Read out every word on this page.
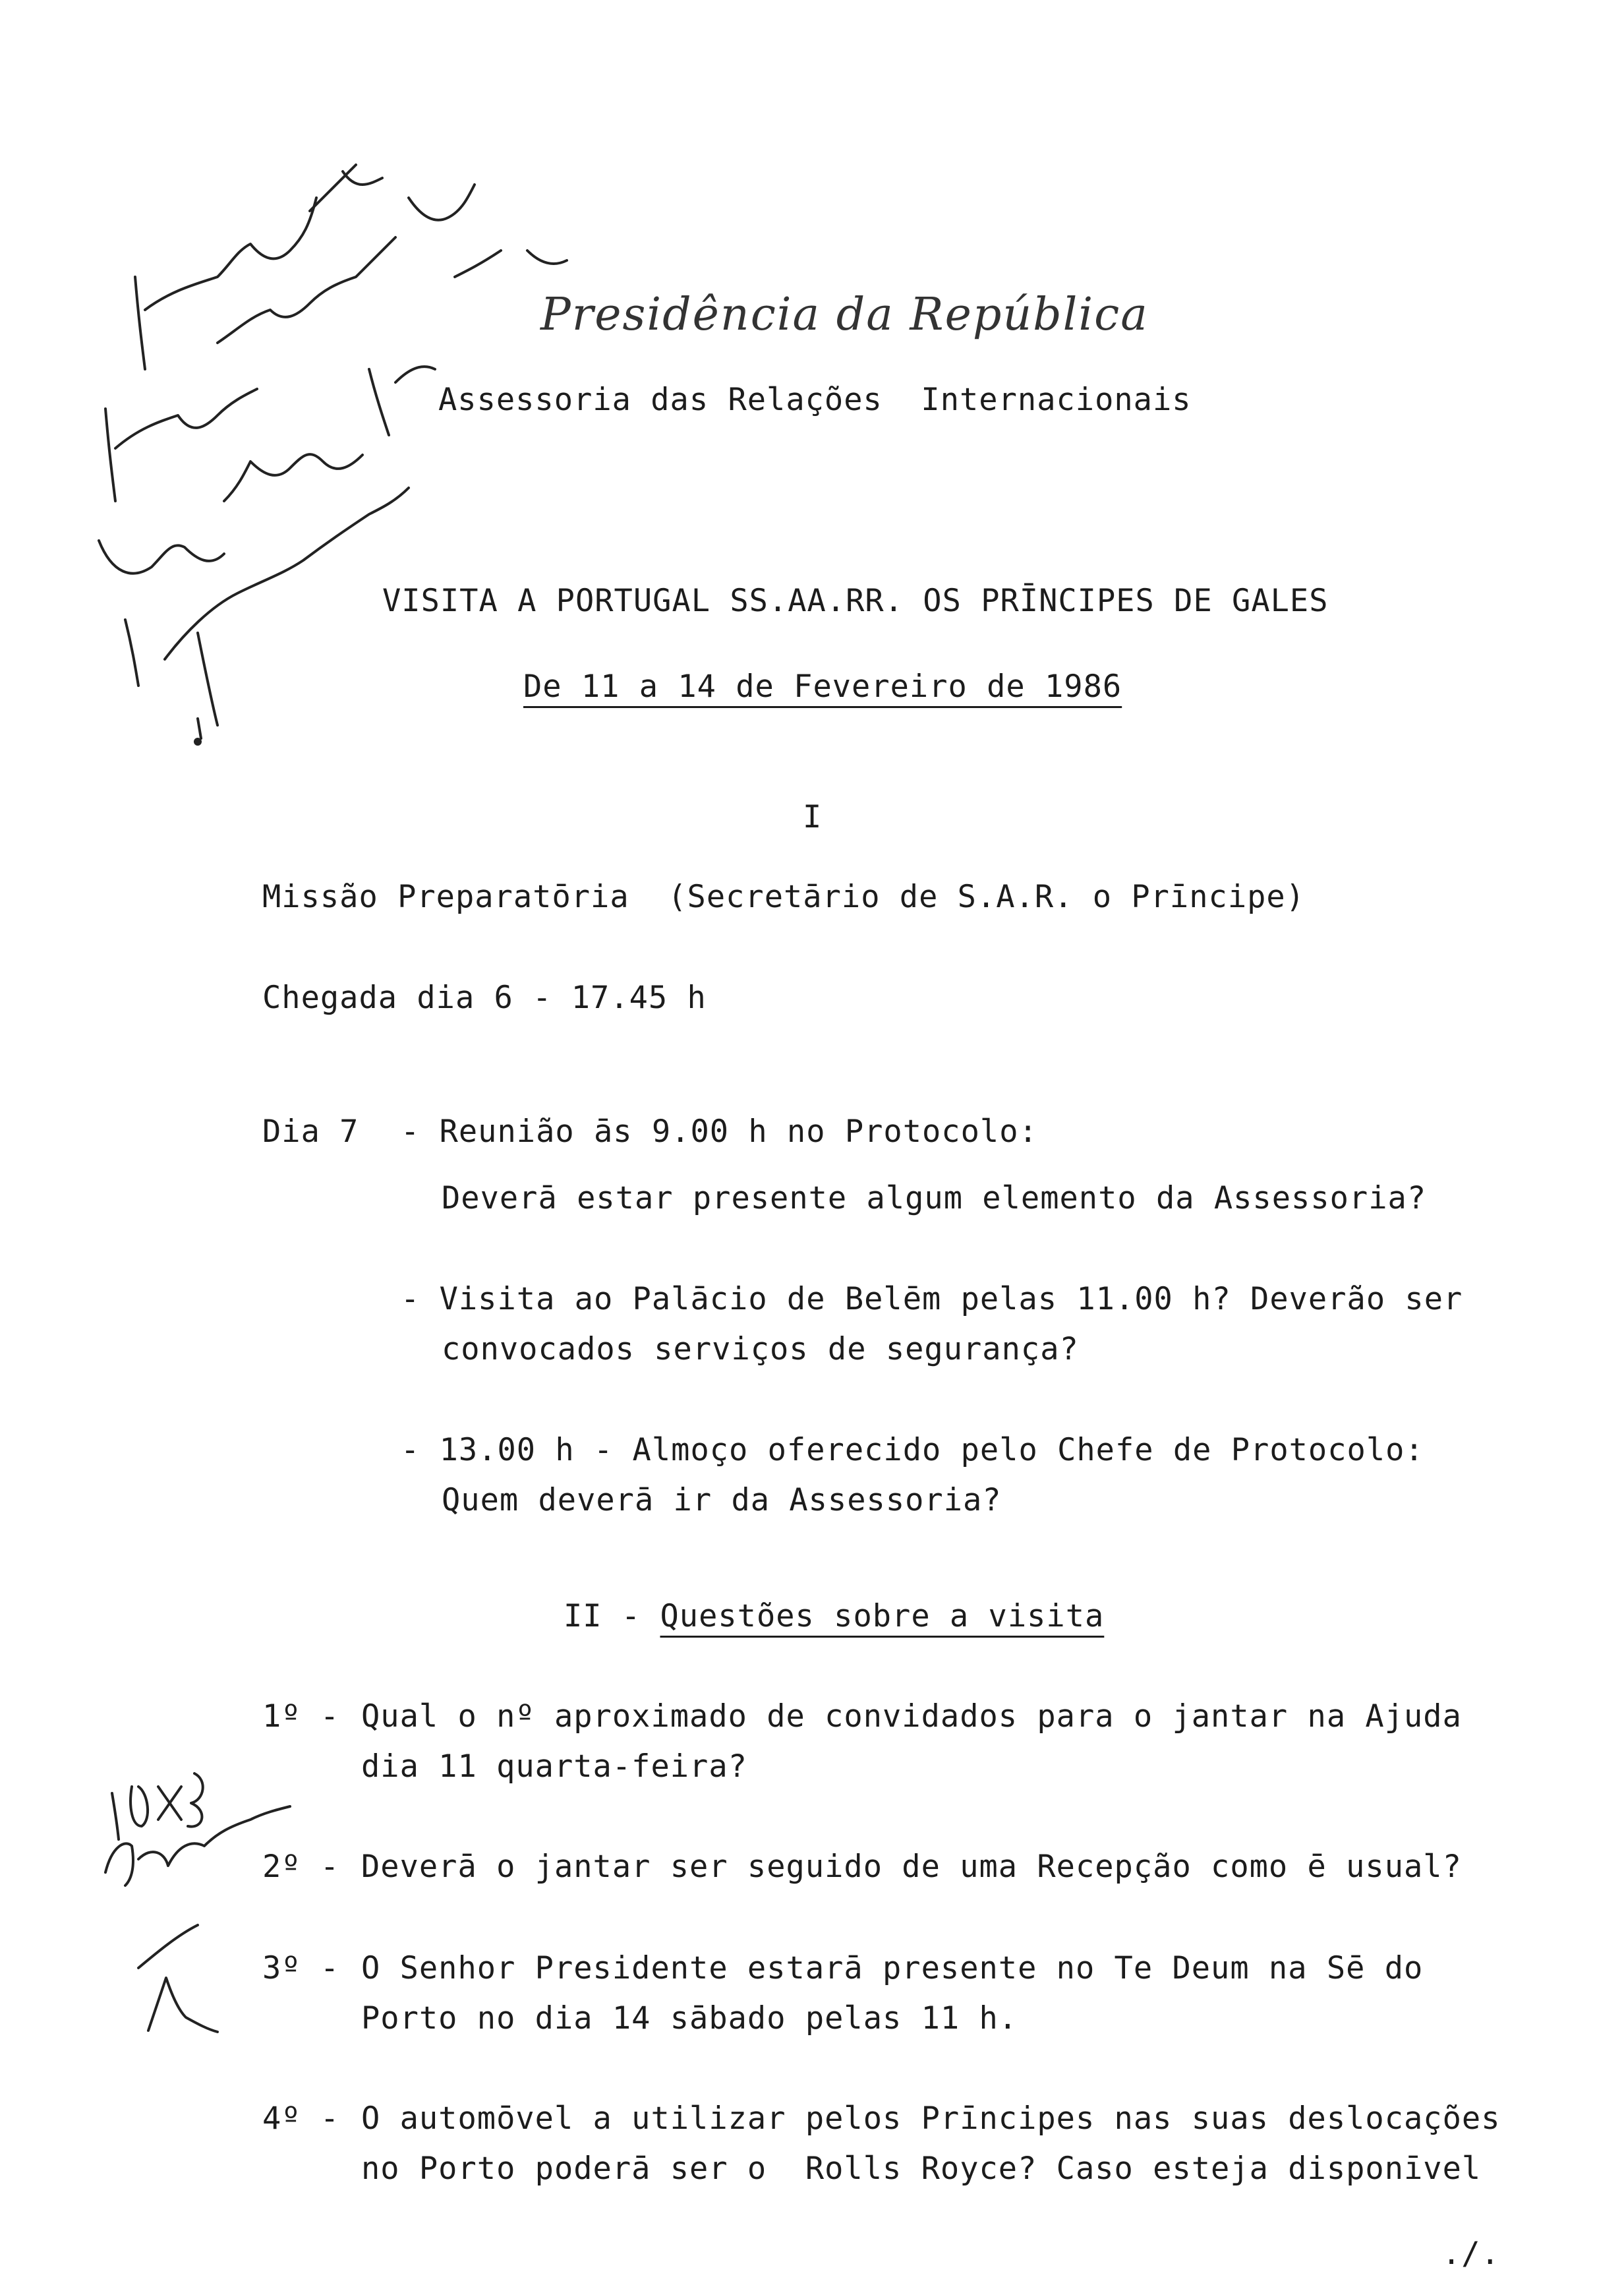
Presidência da República
Assessoria das Relações  Internacionais
VISITA A PORTUGAL SS.AA.RR. OS PRĪNCIPES DE GALES
De 11 a 14 de Fevereiro de 1986
I
Missão Preparatōria  (Secretārio de S.A.R. o Prīncipe)
Chegada dia 6 - 17.45 h
Dia 7 - Reunião ās 9.00 h no Protocolo:
Deverā estar presente algum elemento da Assessoria?
- Visita ao Palācio de Belēm pelas 11.00 h? Deverão ser
convocados serviços de segurança?
- 13.00 h - Almoço oferecido pelo Chefe de Protocolo:
Quem deverā ir da Assessoria?
II - Questões sobre a visita
1º - Qual o nº aproximado de convidados para o jantar na Ajuda
dia 11 quarta-feira?
2º - Deverā o jantar ser seguido de uma Recepção como ē usual?
3º - O Senhor Presidente estarā presente no Te Deum na Sē do
Porto no dia 14 sābado pelas 11 h.
4º - O automōvel a utilizar pelos Prīncipes nas suas deslocações
no Porto poderā ser o  Rolls Royce? Caso esteja disponīvel
./.
